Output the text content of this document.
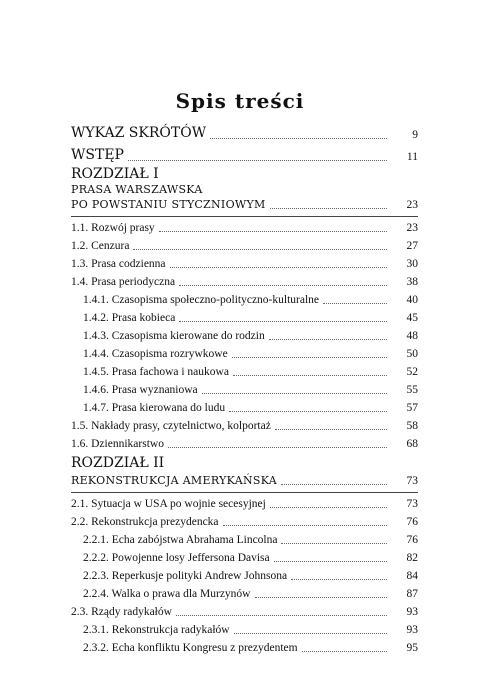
Spis treści
WYKAZ SKRÓTÓW	9
WSTĘP	11
ROZDZIAŁ I
PRASA WARSZAWSKA
PO POWSTANIU STYCZNIOWYM	23
1.1. Rozwój prasy	23
1.2. Cenzura	27
1.3. Prasa codzienna	30
1.4. Prasa periodyczna	38
1.4.1. Czasopisma społeczno-polityczno-kulturalne	40
1.4.2. Prasa kobieca	45
1.4.3. Czasopisma kierowane do rodzin	48
1.4.4. Czasopisma rozrywkowe	50
1.4.5. Prasa fachowa i naukowa	52
1.4.6. Prasa wyznaniowa	55
1.4.7. Prasa kierowana do ludu	57
1.5. Nakłady prasy, czytelnictwo, kolportaż	58
1.6. Dziennikarstwo	68
ROZDZIAŁ II
REKONSTRUKCJA AMERYKAŃSKA	73
2.1. Sytuacja w USA po wojnie secesyjnej	73
2.2. Rekonstrukcja prezydencka	76
2.2.1. Echa zabójstwa Abrahama Lincolna	76
2.2.2. Powojenne losy Jeffersona Davisa	82
2.2.3. Reperkusje polityki Andrew Johnsona	84
2.2.4. Walka o prawa dla Murzynów	87
2.3. Rządy radykałów	93
2.3.1. Rekonstrukcja radykałów	93
2.3.2. Echa konfliktu Kongresu z prezydentem	95
